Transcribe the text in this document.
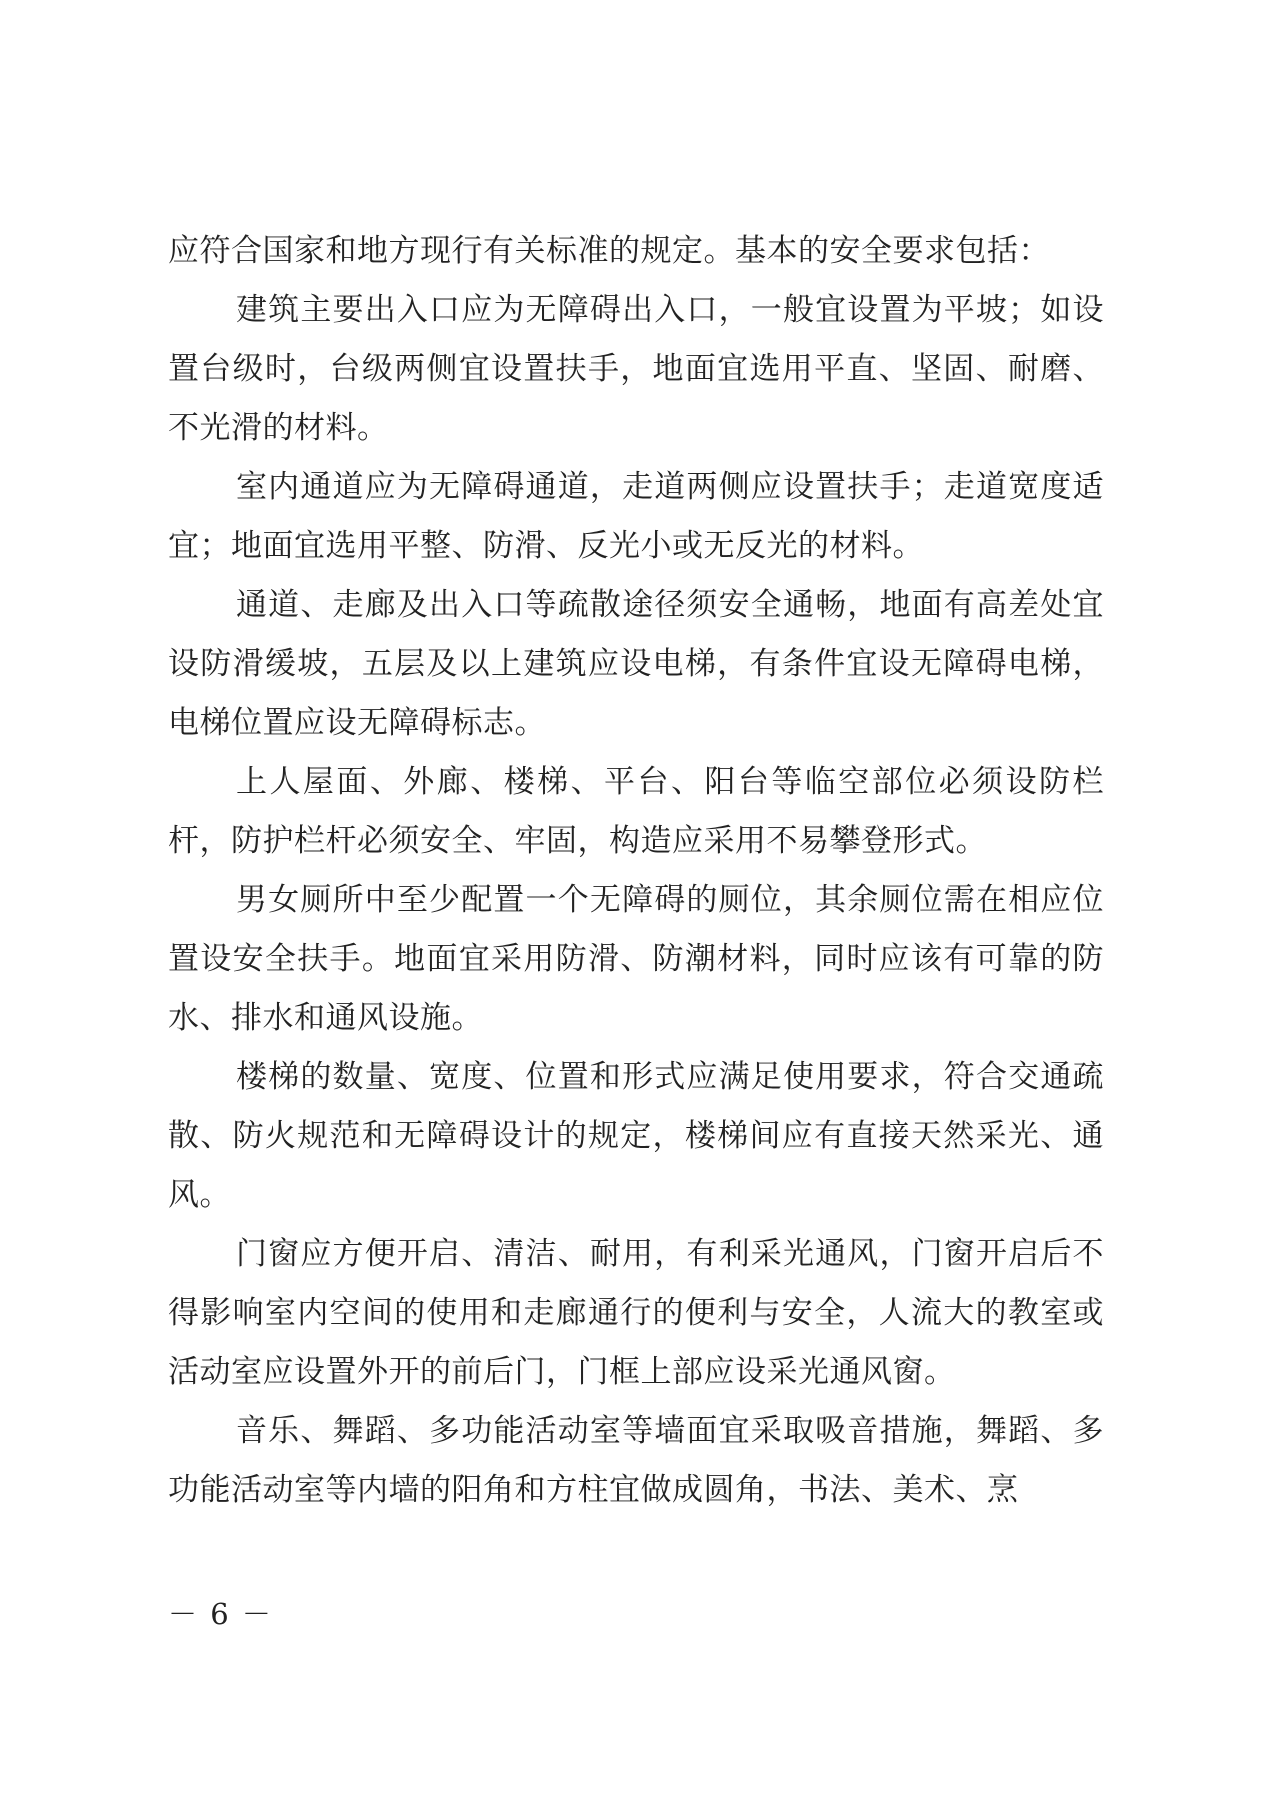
应符合国家和地方现行有关标准的规定。基本的安全要求包括：

建筑主要出入口应为无障碍出入口，一般宜设置为平坡；如设置台级时，台级两侧宜设置扶手，地面宜选用平直、坚固、耐磨、不光滑的材料。

室内通道应为无障碍通道，走道两侧应设置扶手；走道宽度适宜；地面宜选用平整、防滑、反光小或无反光的材料。

通道、走廊及出入口等疏散途径须安全通畅，地面有高差处宜设防滑缓坡，五层及以上建筑应设电梯，有条件宜设无障碍电梯，电梯位置应设无障碍标志。

上人屋面、外廊、楼梯、平台、阳台等临空部位必须设防栏杆，防护栏杆必须安全、牢固，构造应采用不易攀登形式。

男女厕所中至少配置一个无障碍的厕位，其余厕位需在相应位置设安全扶手。地面宜采用防滑、防潮材料，同时应该有可靠的防水、排水和通风设施。

楼梯的数量、宽度、位置和形式应满足使用要求，符合交通疏散、防火规范和无障碍设计的规定，楼梯间应有直接天然采光、通风。

门窗应方便开启、清洁、耐用，有利采光通风，门窗开启后不得影响室内空间的使用和走廊通行的便利与安全，人流大的教室或活动室应设置外开的前后门，门框上部应设采光通风窗。

音乐、舞蹈、多功能活动室等墙面宜采取吸音措施，舞蹈、多功能活动室等内墙的阳角和方柱宜做成圆角，书法、美术、烹

－ 6 －
